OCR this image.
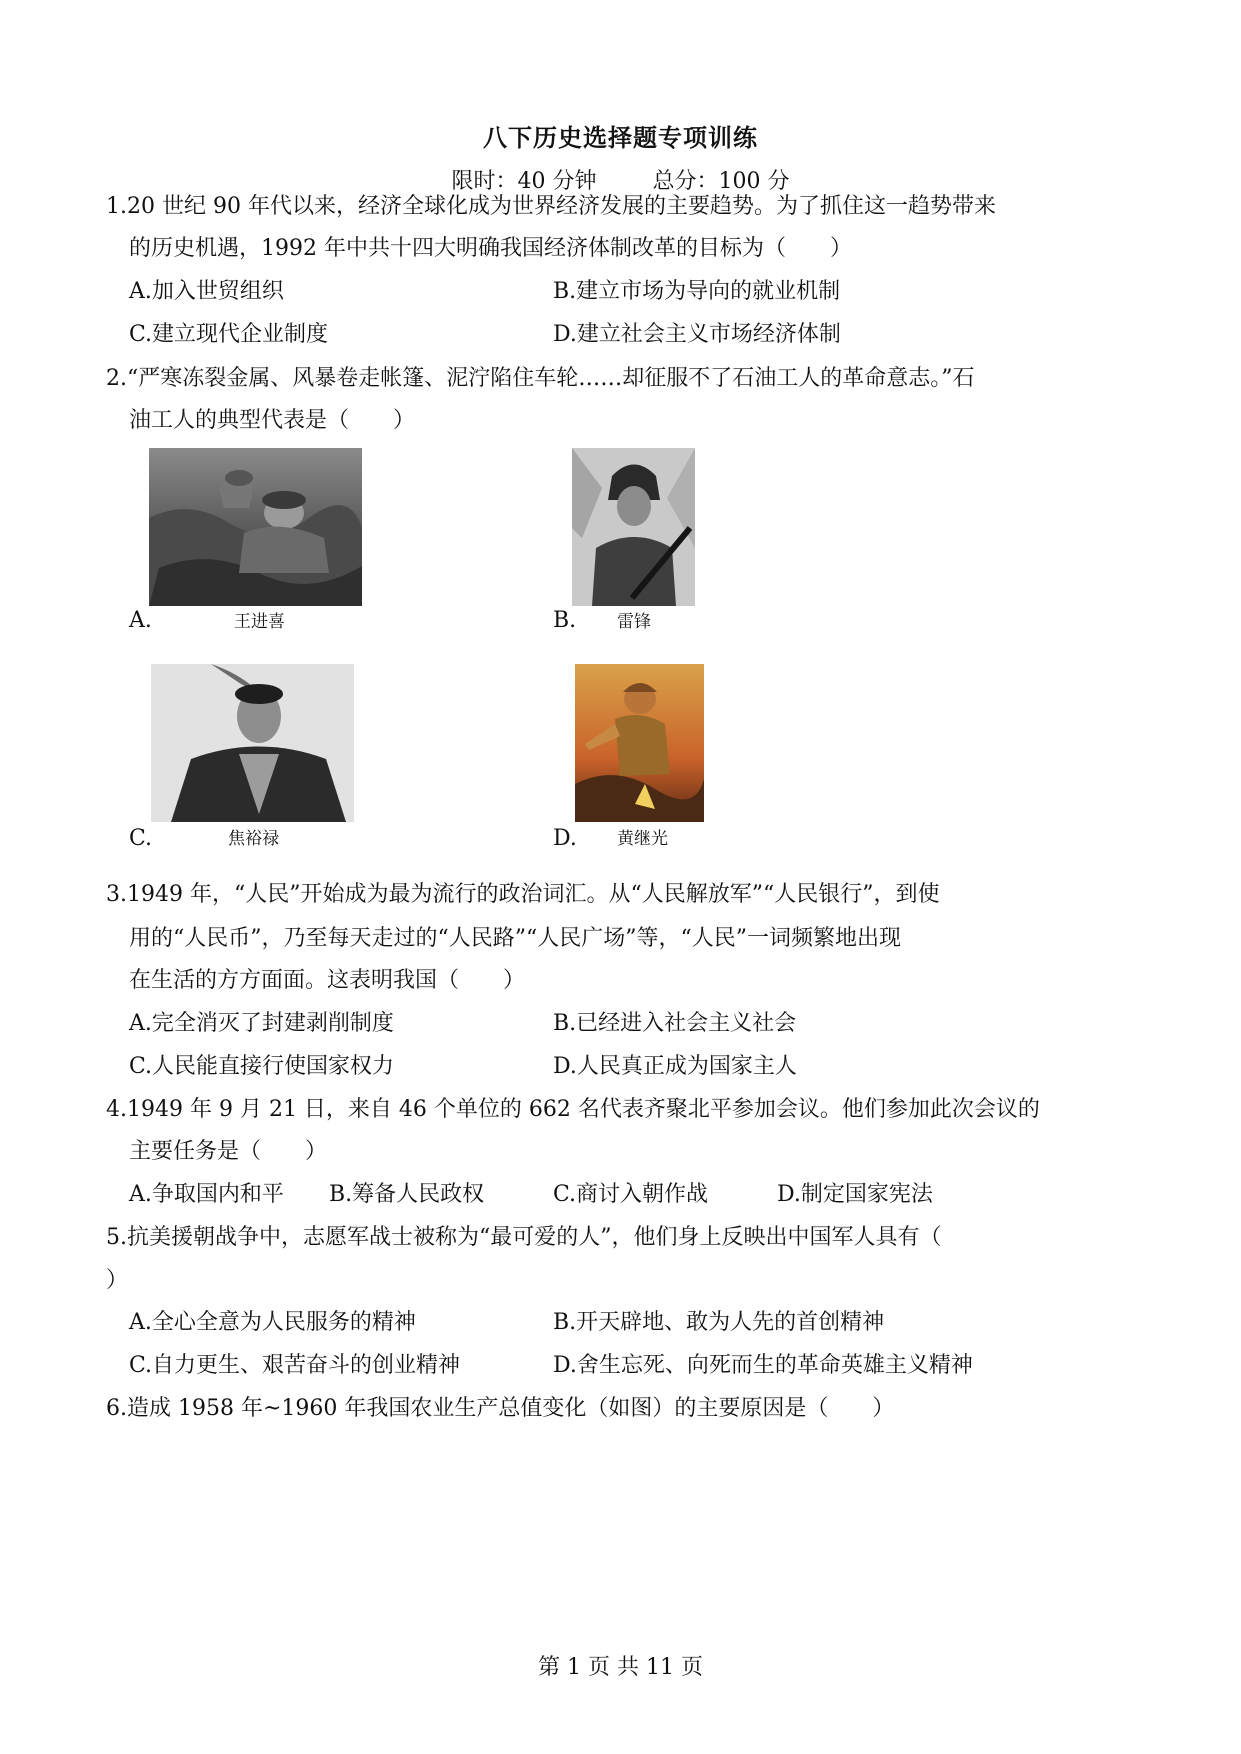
八下历史选择题专项训练
限时：40 分钟	总分：100 分
1.20 世纪 90 年代以来，经济全球化成为世界经济发展的主要趋势。为了抓住这一趋势带来
的历史机遇，1992 年中共十四大明确我国经济体制改革的目标为（　　）
A.加入世贸组织	B.建立市场为导向的就业机制
C.建立现代企业制度	D.建立社会主义市场经济体制
2.“严寒冻裂金属、风暴卷走帐篷、泥泞陷住车轮……却征服不了石油工人的革命意志。”石
油工人的典型代表是（　　）
A.	王进喜	B. 雷锋
C.	焦裕禄	D. 黄继光
3.1949 年，“人民”开始成为最为流行的政治词汇。从“人民解放军”“人民银行”，到使
用的“人民币”，乃至每天走过的“人民路”“人民广场”等，“人民”一词频繁地出现
在生活的方方面面。这表明我国（　　）
A.完全消灭了封建剥削制度	B.已经进入社会主义社会
C.人民能直接行使国家权力	D.人民真正成为国家主人
4.1949 年 9 月 21 日，来自 46 个单位的 662 名代表齐聚北平参加会议。他们参加此次会议的
主要任务是（　　）
A.争取国内和平 B.筹备人民政权	C.商讨入朝作战	D.制定国家宪法
5.抗美援朝战争中，志愿军战士被称为“最可爱的人”，他们身上反映出中国军人具有（
）
A.全心全意为人民服务的精神	B.开天辟地、敢为人先的首创精神
C.自力更生、艰苦奋斗的创业精神	D.舍生忘死、向死而生的革命英雄主义精神
6.造成 1958 年~1960 年我国农业生产总值变化（如图）的主要原因是（　　）
第 1 页 共 11 页
